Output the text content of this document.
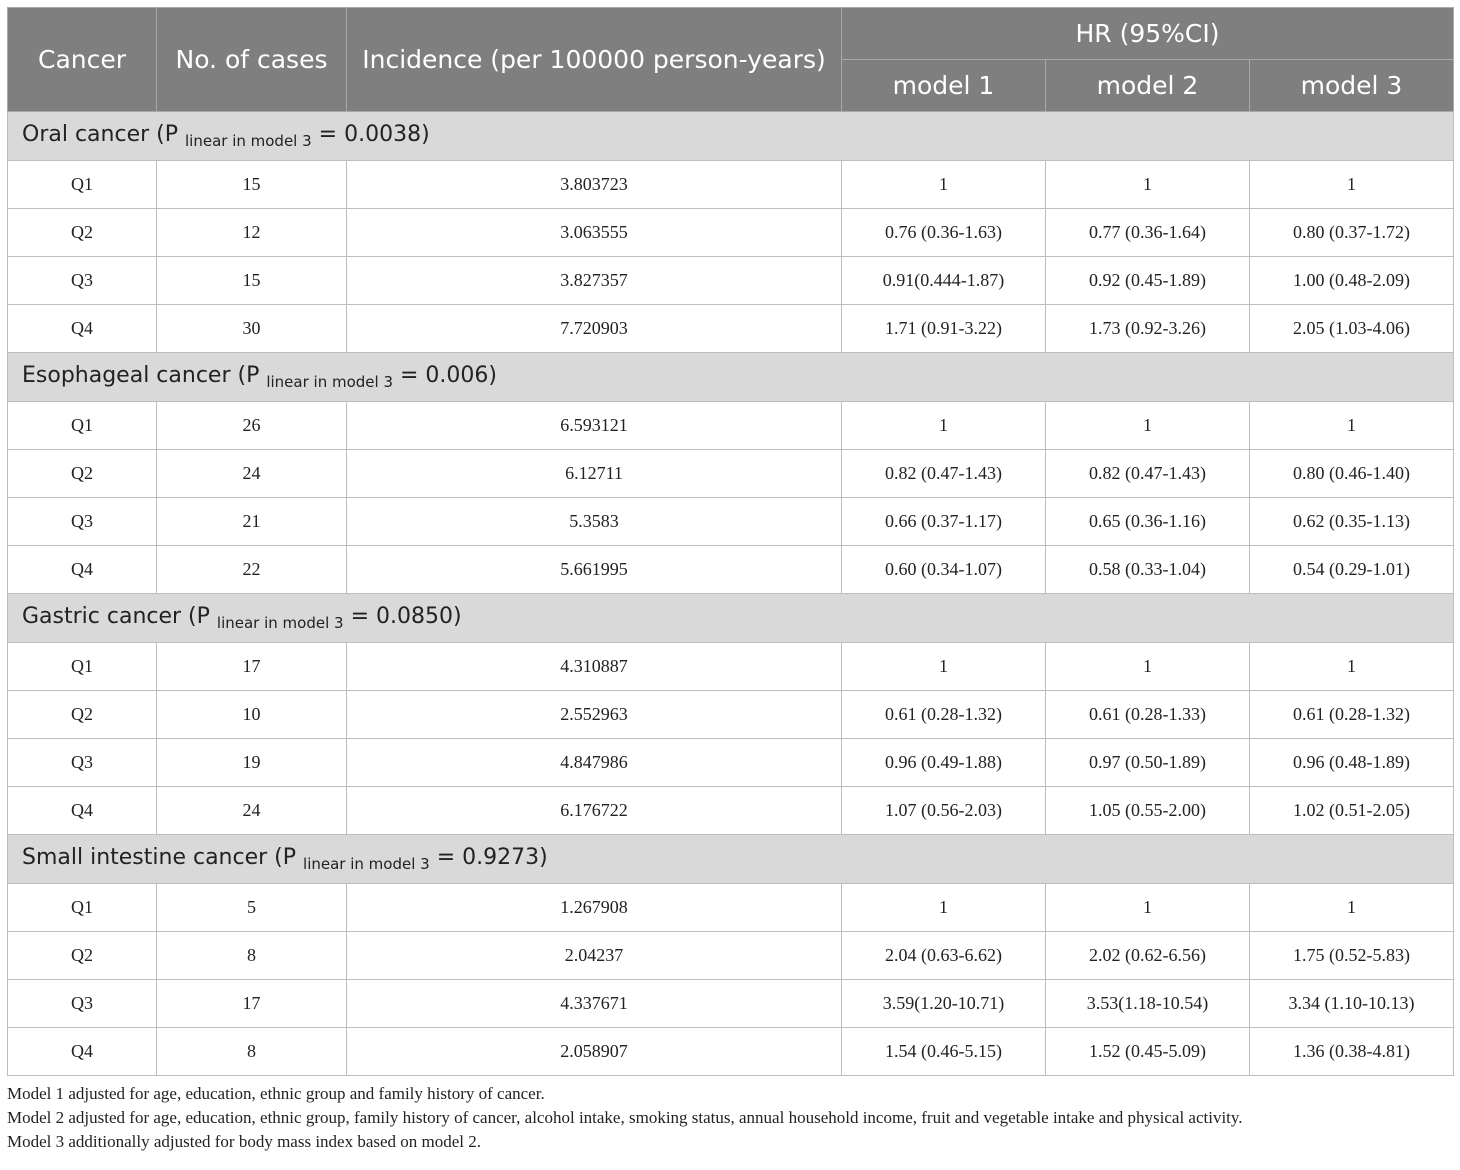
Cancer	No. of cases	Incidence (per 100000 person-years)	HR (95%CI)		
			model 1	model 2	model 3
Oral cancer (P $_{linear in model 3}$ = 0.0038)					
Q1	15	3.803723	1	1	1
Q2	12	3.063555	0.76 (0.36-1.63)	0.77 (0.36-1.64)	0.80 (0.37-1.72)
Q3	15	3.827357	0.91(0.444-1.87)	0.92 (0.45-1.89)	1.00 (0.48-2.09)
Q4	30	7.720903	1.71 (0.91-3.22)	1.73 (0.92-3.26)	2.05 (1.03-4.06)
Esophageal cancer (P $_{linear in model 3}$ = 0.006)					
Q1	26	6.593121	1	1	1
Q2	24	6.12711	0.82 (0.47-1.43)	0.82 (0.47-1.43)	0.80 (0.46-1.40)
Q3	21	5.3583	0.66 (0.37-1.17)	0.65 (0.36-1.16)	0.62 (0.35-1.13)
Q4	22	5.661995	0.60 (0.34-1.07)	0.58 (0.33-1.04)	0.54 (0.29-1.01)
Gastric cancer (P $_{linear in model 3}$ = 0.0850)					
Q1	17	4.310887	1	1	1
Q2	10	2.552963	0.61 (0.28-1.32)	0.61 (0.28-1.33)	0.61 (0.28-1.32)
Q3	19	4.847986	0.96 (0.49-1.88)	0.97 (0.50-1.89)	0.96 (0.48-1.89)
Q4	24	6.176722	1.07 (0.56-2.03)	1.05 (0.55-2.00)	1.02 (0.51-2.05)
Small intestine cancer (P $_{linear in model 3}$ = 0.9273)					
Q1	5	1.267908	1	1	1
Q2	8	2.04237	2.04 (0.63-6.62)	2.02 (0.62-6.56)	1.75 (0.52-5.83)
Q3	17	4.337671	3.59(1.20-10.71)	3.53(1.18-10.54)	3.34 (1.10-10.13)
Q4	8	2.058907	1.54 (0.46-5.15)	1.52 (0.45-5.09)	1.36 (0.38-4.81)
Model 1 adjusted for age, education, ethnic group and family history of cancer.
Model 2 adjusted for age, education, ethnic group, family history of cancer, alcohol intake, smoking status, annual household income, fruit and vegetable intake and physical activity.
Model 3 additionally adjusted for body mass index based on model 2.
